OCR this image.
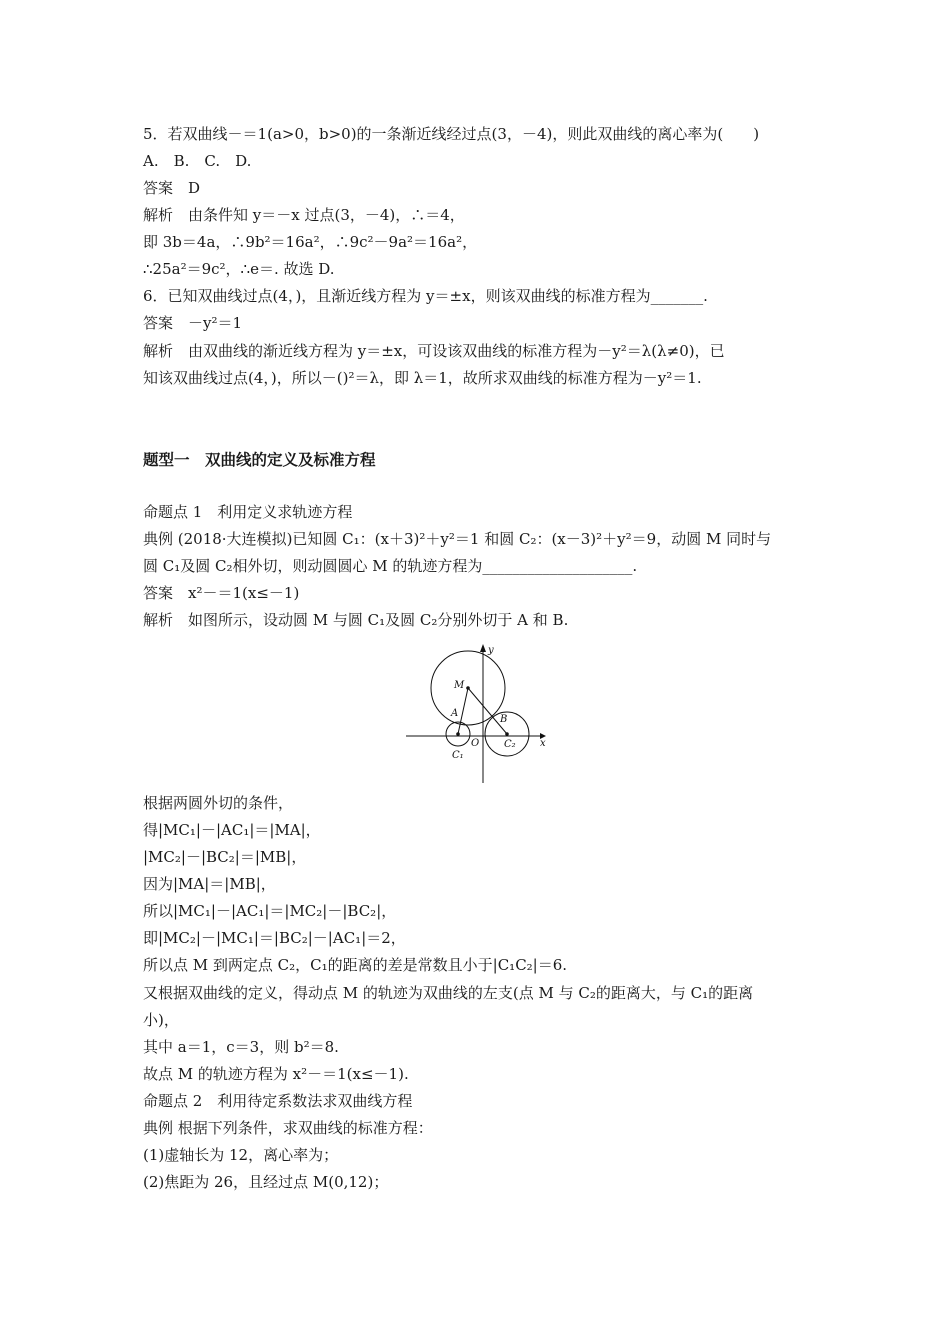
5．若双曲线－＝1(a>0，b>0)的一条渐近线经过点(3，－4)，则此双曲线的离心率为(　　)
A.　B.　C.　D.
答案　D
解析　由条件知 y＝－x 过点(3，－4)，∴＝4，
即 3b＝4a，∴9b²＝16a²，∴9c²－9a²＝16a²，
∴25a²＝9c²，∴e＝. 故选 D.
6．已知双曲线过点(4，)，且渐近线方程为 y＝±x，则该双曲线的标准方程为_______.
答案　－y²＝1
解析　由双曲线的渐近线方程为 y＝±x，可设该双曲线的标准方程为－y²＝λ(λ≠0)，已
知该双曲线过点(4，)，所以－()²＝λ，即 λ＝1，故所求双曲线的标准方程为－y²＝1.
题型一　双曲线的定义及标准方程
命题点 1　利用定义求轨迹方程
典例 (2018·大连模拟)已知圆 C₁：(x＋3)²＋y²＝1 和圆 C₂：(x－3)²＋y²＝9，动圆 M 同时与
圆 C₁及圆 C₂相外切，则动圆圆心 M 的轨迹方程为____________________.
答案　x²－＝1(x≤－1)
解析　如图所示，设动圆 M 与圆 C₁及圆 C₂分别外切于 A 和 B.
根据两圆外切的条件，
得|MC₁|－|AC₁|＝|MA|，
|MC₂|－|BC₂|＝|MB|，
因为|MA|＝|MB|，
所以|MC₁|－|AC₁|＝|MC₂|－|BC₂|，
即|MC₂|－|MC₁|＝|BC₂|－|AC₁|＝2，
所以点 M 到两定点 C₂，C₁的距离的差是常数且小于|C₁C₂|＝6.
又根据双曲线的定义，得动点 M 的轨迹为双曲线的左支(点 M 与 C₂的距离大，与 C₁的距离
小)，
其中 a＝1，c＝3，则 b²＝8.
故点 M 的轨迹方程为 x²－＝1(x≤－1).
命题点 2　利用待定系数法求双曲线方程
典例 根据下列条件，求双曲线的标准方程：
(1)虚轴长为 12，离心率为；
(2)焦距为 26，且经过点 M(0,12)；
y
x
O
M
A
B
C₁
C₂
